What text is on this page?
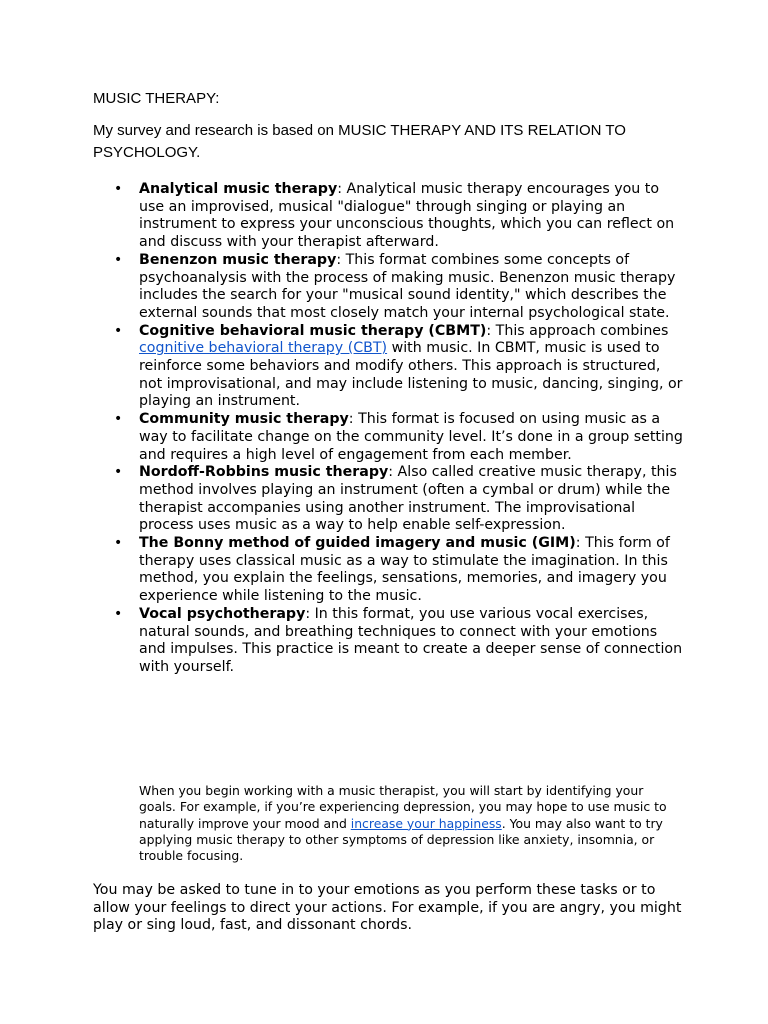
MUSIC THERAPY:

My survey and research is based on MUSIC THERAPY AND ITS RELATION TO PSYCHOLOGY.

• Analytical music therapy: Analytical music therapy encourages you to use an improvised, musical "dialogue" through singing or playing an instrument to express your unconscious thoughts, which you can reflect on and discuss with your therapist afterward.
• Benenzon music therapy: This format combines some concepts of psychoanalysis with the process of making music. Benenzon music therapy includes the search for your "musical sound identity," which describes the external sounds that most closely match your internal psychological state.
• Cognitive behavioral music therapy (CBMT): This approach combines cognitive behavioral therapy (CBT) with music. In CBMT, music is used to reinforce some behaviors and modify others. This approach is structured, not improvisational, and may include listening to music, dancing, singing, or playing an instrument.
• Community music therapy: This format is focused on using music as a way to facilitate change on the community level. It’s done in a group setting and requires a high level of engagement from each member.
• Nordoff-Robbins music therapy: Also called creative music therapy, this method involves playing an instrument (often a cymbal or drum) while the therapist accompanies using another instrument. The improvisational process uses music as a way to help enable self-expression.
• The Bonny method of guided imagery and music (GIM): This form of therapy uses classical music as a way to stimulate the imagination. In this method, you explain the feelings, sensations, memories, and imagery you experience while listening to the music.
• Vocal psychotherapy: In this format, you use various vocal exercises, natural sounds, and breathing techniques to connect with your emotions and impulses. This practice is meant to create a deeper sense of connection with yourself.

When you begin working with a music therapist, you will start by identifying your goals. For example, if you’re experiencing depression, you may hope to use music to naturally improve your mood and increase your happiness. You may also want to try applying music therapy to other symptoms of depression like anxiety, insomnia, or trouble focusing.

You may be asked to tune in to your emotions as you perform these tasks or to allow your feelings to direct your actions. For example, if you are angry, you might play or sing loud, fast, and dissonant chords.
